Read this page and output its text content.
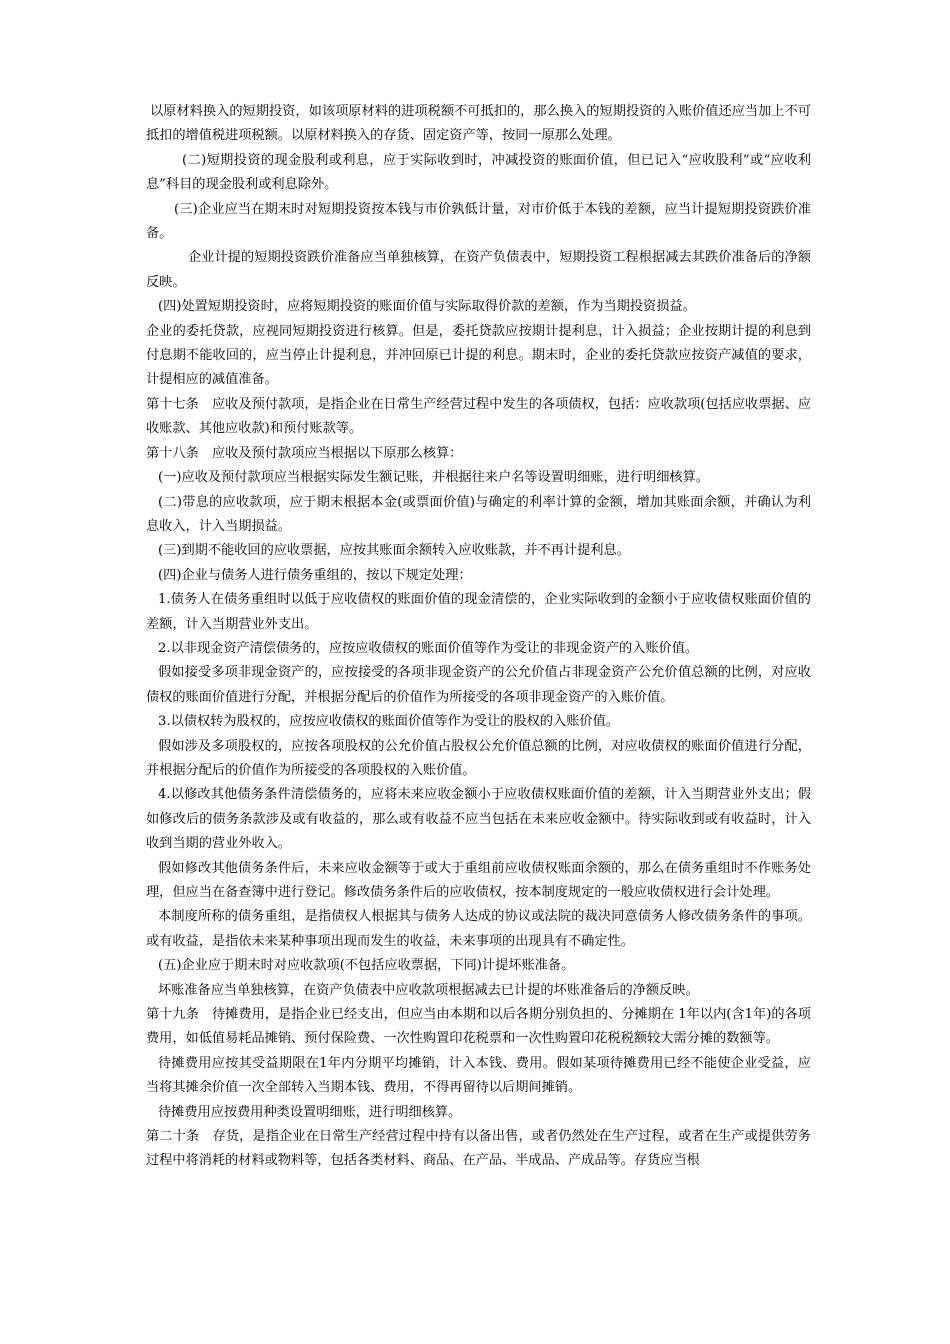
以原材料换入的短期投资，如该项原材料的进项税额不可抵扣的，那么换入的短期投资的入账价值还应当加上不可抵扣的增值税进项税额。以原材料换入的存货、固定资产等，按同一原那么处理。

(二)短期投资的现金股利或利息，应于实际收到时，冲减投资的账面价值，但已记入“应收股利”或“应收利息”科目的现金股利或利息除外。

(三)企业应当在期末时对短期投资按本钱与市价孰低计量，对市价低于本钱的差额，应当计提短期投资跌价准备。

企业计提的短期投资跌价准备应当单独核算，在资产负债表中，短期投资工程根据减去其跌价准备后的净额反映。

(四)处置短期投资时，应将短期投资的账面价值与实际取得价款的差额，作为当期投资损益。

企业的委托贷款，应视同短期投资进行核算。但是，委托贷款应按期计提利息，计入损益；企业按期计提的利息到付息期不能收回的，应当停止计提利息，并冲回原已计提的利息。期末时，企业的委托贷款应按资产减值的要求，计提相应的减值准备。

第十七条　应收及预付款项，是指企业在日常生产经营过程中发生的各项债权，包括：应收款项(包括应收票据、应收账款、其他应收款)和预付账款等。

第十八条　应收及预付款项应当根据以下原那么核算：

(一)应收及预付款项应当根据实际发生额记账，并根据往来户名等设置明细账，进行明细核算。

(二)带息的应收款项，应于期末根据本金(或票面价值)与确定的利率计算的金额，增加其账面余额，并确认为利息收入，计入当期损益。

(三)到期不能收回的应收票据，应按其账面余额转入应收账款，并不再计提利息。

(四)企业与债务人进行债务重组的，按以下规定处理：

1.债务人在债务重组时以低于应收债权的账面价值的现金清偿的，企业实际收到的金额小于应收债权账面价值的差额，计入当期营业外支出。

2.以非现金资产清偿债务的，应按应收债权的账面价值等作为受让的非现金资产的入账价值。

假如接受多项非现金资产的，应按接受的各项非现金资产的公允价值占非现金资产公允价值总额的比例，对应收债权的账面价值进行分配，并根据分配后的价值作为所接受的各项非现金资产的入账价值。

3.以债权转为股权的，应按应收债权的账面价值等作为受让的股权的入账价值。

假如涉及多项股权的，应按各项股权的公允价值占股权公允价值总额的比例，对应收债权的账面价值进行分配，并根据分配后的价值作为所接受的各项股权的入账价值。

4.以修改其他债务条件清偿债务的，应将未来应收金额小于应收债权账面价值的差额，计入当期营业外支出；假如修改后的债务条款涉及或有收益的，那么或有收益不应当包括在未来应收金额中。待实际收到或有收益时，计入收到当期的营业外收入。

假如修改其他债务条件后，未来应收金额等于或大于重组前应收债权账面余额的，那么在债务重组时不作账务处理，但应当在备查簿中进行登记。修改债务条件后的应收债权，按本制度规定的一般应收债权进行会计处理。

本制度所称的债务重组，是指债权人根据其与债务人达成的协议或法院的裁决同意债务人修改债务条件的事项。或有收益，是指依未来某种事项出现而发生的收益，未来事项的出现具有不确定性。

(五)企业应于期末时对应收款项(不包括应收票据，下同)计提坏账准备。

坏账准备应当单独核算，在资产负债表中应收款项根据减去已计提的坏账准备后的净额反映。

第十九条　待摊费用，是指企业已经支出，但应当由本期和以后各期分别负担的、分摊期在 1年以内(含1年)的各项费用，如低值易耗品摊销、预付保险费、一次性购置印花税票和一次性购置印花税税额较大需分摊的数额等。

待摊费用应按其受益期限在1年内分期平均摊销，计入本钱、费用。假如某项待摊费用已经不能使企业受益，应当将其摊余价值一次全部转入当期本钱、费用，不得再留待以后期间摊销。

待摊费用应按费用种类设置明细账，进行明细核算。

第二十条　存货，是指企业在日常生产经营过程中持有以备出售，或者仍然处在生产过程，或者在生产或提供劳务过程中将消耗的材料或物料等，包括各类材料、商品、在产品、半成品、产成品等。存货应当根
